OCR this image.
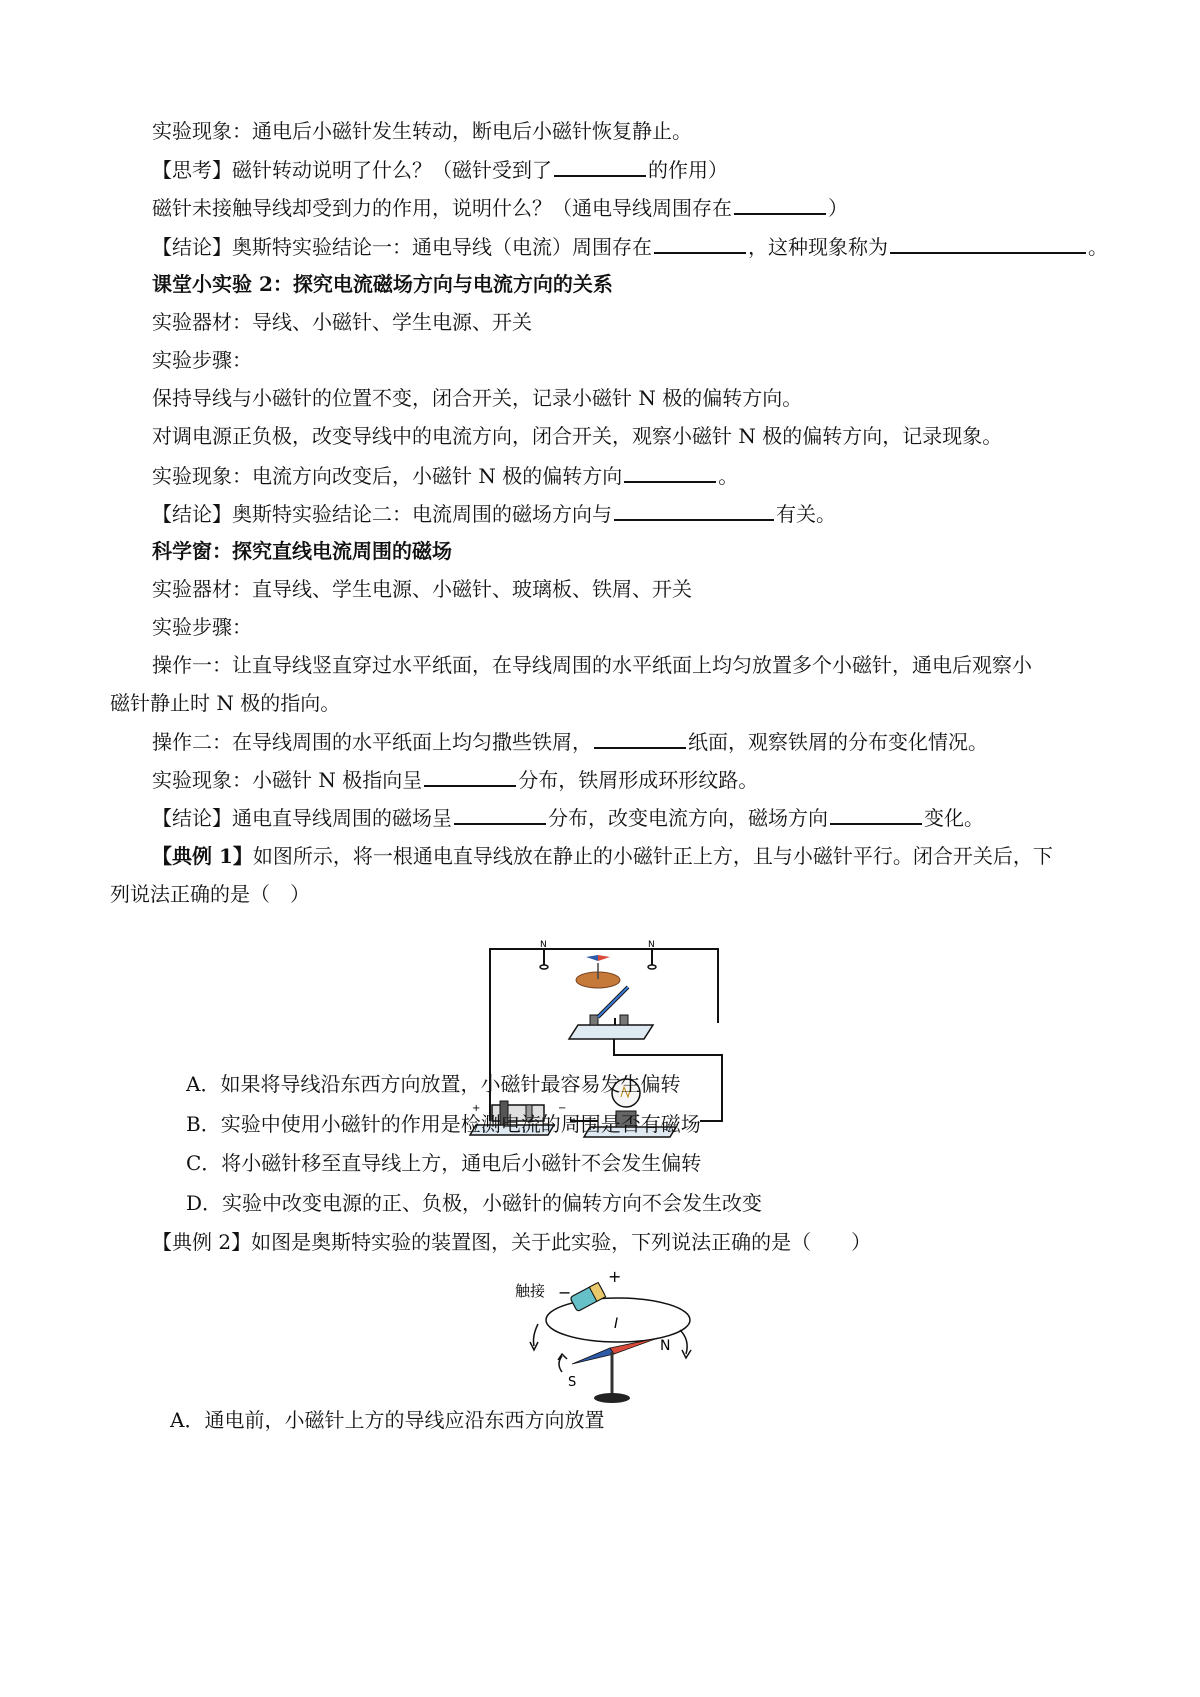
实验现象：通电后小磁针发生转动，断电后小磁针恢复静止。
【思考】磁针转动说明了什么？（磁针受到了	的作用）
磁针未接触导线却受到力的作用，说明什么？（通电导线周围存在	）
【结论】奥斯特实验结论一：通电导线（电流）周围存在	，这种现象称为	。
课堂小实验 2：探究电流磁场方向与电流方向的关系
实验器材：导线、小磁针、学生电源、开关
实验步骤：
保持导线与小磁针的位置不变，闭合开关，记录小磁针 N 极的偏转方向。
对调电源正负极，改变导线中的电流方向，闭合开关，观察小磁针 N 极的偏转方向，记录现象。
实验现象：电流方向改变后，小磁针 N 极的偏转方向	。
【结论】奥斯特实验结论二：电流周围的磁场方向与	有关。
科学窗：探究直线电流周围的磁场
实验器材：直导线、学生电源、小磁针、玻璃板、铁屑、开关
实验步骤：
操作一：让直导线竖直穿过水平纸面，在导线周围的水平纸面上均匀放置多个小磁针，通电后观察小
磁针静止时 N 极的指向。
操作二：在导线周围的水平纸面上均匀撒些铁屑，	纸面，观察铁屑的分布变化情况。
实验现象：小磁针 N 极指向呈	分布，铁屑形成环形纹路。
【结论】通电直导线周围的磁场呈	分布，改变电流方向，磁场方向	变化。
【典例 1】如图所示，将一根通电直导线放在静止的小磁针正上方，且与小磁针平行。闭合开关后，下
列说法正确的是（　）
N	N
+	−
A．如果将导线沿东西方向放置，小磁针最容易发生偏转
B．实验中使用小磁针的作用是检测电流的周围是否有磁场
C．将小磁针移至直导线上方，通电后小磁针不会发生偏转
D．实验中改变电源的正、负极，小磁针的偏转方向不会发生改变
【典例 2】如图是奥斯特实验的装置图，关于此实验，下列说法正确的是（　　）
触接 −
+
I
N
S
A．通电前，小磁针上方的导线应沿东西方向放置
